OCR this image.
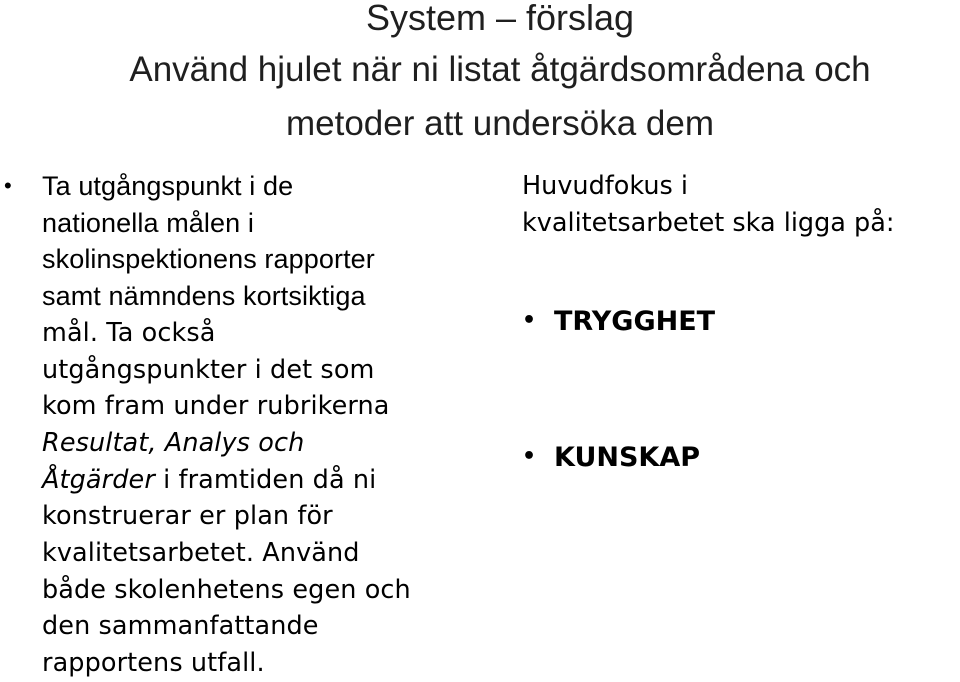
System – förslag
Använd hjulet när ni listat åtgärdsområdena och
metoder att undersöka dem
• Ta utgångspunkt i de
nationella målen i
skolinspektionens rapporter
samt nämndens kortsiktiga
mål. Ta också
utgångspunkter i det som
kom fram under rubrikerna
Resultat, Analys och
Åtgärder i framtiden då ni
konstruerar er plan för
kvalitetsarbetet. Använd
både skolenhetens egen och
den sammanfattande
rapportens utfall.
Huvudfokus i
kvalitetsarbetet ska ligga på:
• TRYGGHET
• KUNSKAP
